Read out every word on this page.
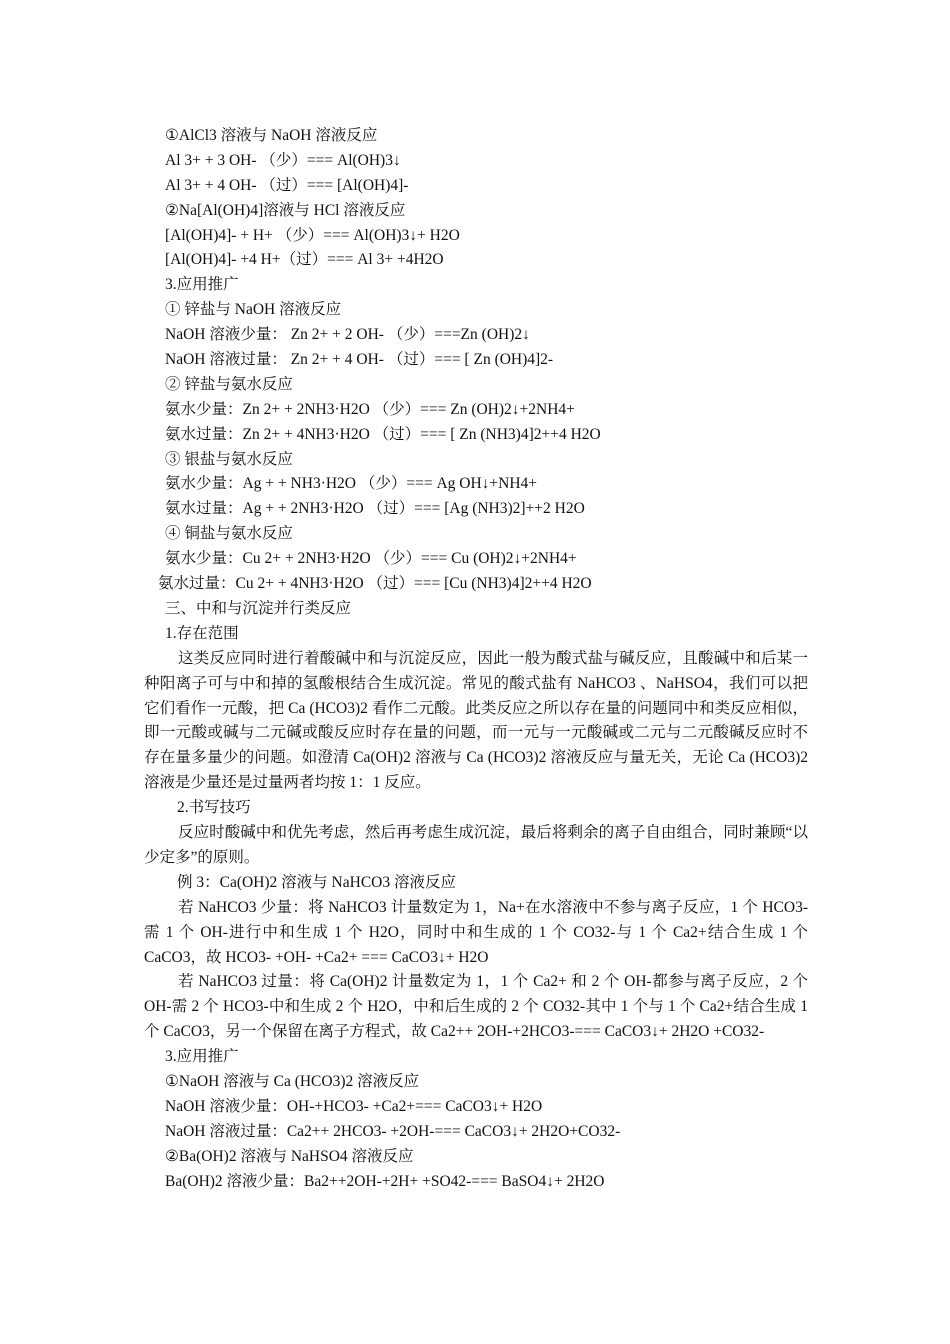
①AlCl3 溶液与 NaOH 溶液反应
Al 3+ + 3 OH- （少）=== Al(OH)3↓
Al 3+ + 4 OH- （过）=== [Al(OH)4]-
②Na[Al(OH)4]溶液与 HCl 溶液反应
[Al(OH)4]- + H+ （少）=== Al(OH)3↓+ H2O
[Al(OH)4]- +4 H+（过）=== Al 3+ +4H2O
3.应用推广
① 锌盐与 NaOH 溶液反应
NaOH 溶液少量： Zn 2+ + 2 OH- （少）===Zn (OH)2↓
NaOH 溶液过量： Zn 2+ + 4 OH- （过）=== [ Zn (OH)4]2-
② 锌盐与氨水反应
氨水少量：Zn 2+ + 2NH3·H2O （少）=== Zn (OH)2↓+2NH4+
氨水过量：Zn 2+ + 4NH3·H2O （过）=== [ Zn (NH3)4]2++4 H2O
③ 银盐与氨水反应
氨水少量：Ag + + NH3·H2O （少）=== Ag OH↓+NH4+
氨水过量：Ag + + 2NH3·H2O （过）=== [Ag (NH3)2]++2 H2O
④ 铜盐与氨水反应
氨水少量：Cu 2+ + 2NH3·H2O （少）=== Cu (OH)2↓+2NH4+
氨水过量：Cu 2+ + 4NH3·H2O （过）=== [Cu (NH3)4]2++4 H2O
三、中和与沉淀并行类反应
1.存在范围
这类反应同时进行着酸碱中和与沉淀反应，因此一般为酸式盐与碱反应，且酸碱中和后某一种阳离子可与中和掉的氢酸根结合生成沉淀。常见的酸式盐有 NaHCO3 、NaHSO4，我们可以把它们看作一元酸，把 Ca (HCO3)2 看作二元酸。此类反应之所以存在量的问题同中和类反应相似，即一元酸或碱与二元碱或酸反应时存在量的问题，而一元与一元酸碱或二元与二元酸碱反应时不存在量多量少的问题。如澄清 Ca(OH)2 溶液与 Ca (HCO3)2 溶液反应与量无关，无论 Ca (HCO3)2 溶液是少量还是过量两者均按 1：1 反应。
2.书写技巧
反应时酸碱中和优先考虑，然后再考虑生成沉淀，最后将剩余的离子自由组合，同时兼顾“以少定多”的原则。
例 3：Ca(OH)2 溶液与 NaHCO3 溶液反应
若 NaHCO3 少量：将 NaHCO3 计量数定为 1，Na+在水溶液中不参与离子反应，1 个 HCO3-需 1 个 OH-进行中和生成 1 个 H2O，同时中和生成的 1 个 CO32-与 1 个 Ca2+结合生成 1 个 CaCO3，故 HCO3- +OH- +Ca2+ === CaCO3↓+ H2O
若 NaHCO3 过量：将 Ca(OH)2 计量数定为 1，1 个 Ca2+ 和 2 个 OH-都参与离子反应，2 个 OH-需 2 个 HCO3-中和生成 2 个 H2O，中和后生成的 2 个 CO32-其中 1 个与 1 个 Ca2+结合生成 1 个 CaCO3，另一个保留在离子方程式，故 Ca2++ 2OH-+2HCO3-=== CaCO3↓+ 2H2O +CO32-
3.应用推广
①NaOH 溶液与 Ca (HCO3)2 溶液反应
NaOH 溶液少量：OH-+HCO3- +Ca2+=== CaCO3↓+ H2O
NaOH 溶液过量：Ca2++ 2HCO3- +2OH-=== CaCO3↓+ 2H2O+CO32-
②Ba(OH)2 溶液与 NaHSO4 溶液反应
Ba(OH)2 溶液少量：Ba2++2OH-+2H+ +SO42-=== BaSO4↓+ 2H2O
